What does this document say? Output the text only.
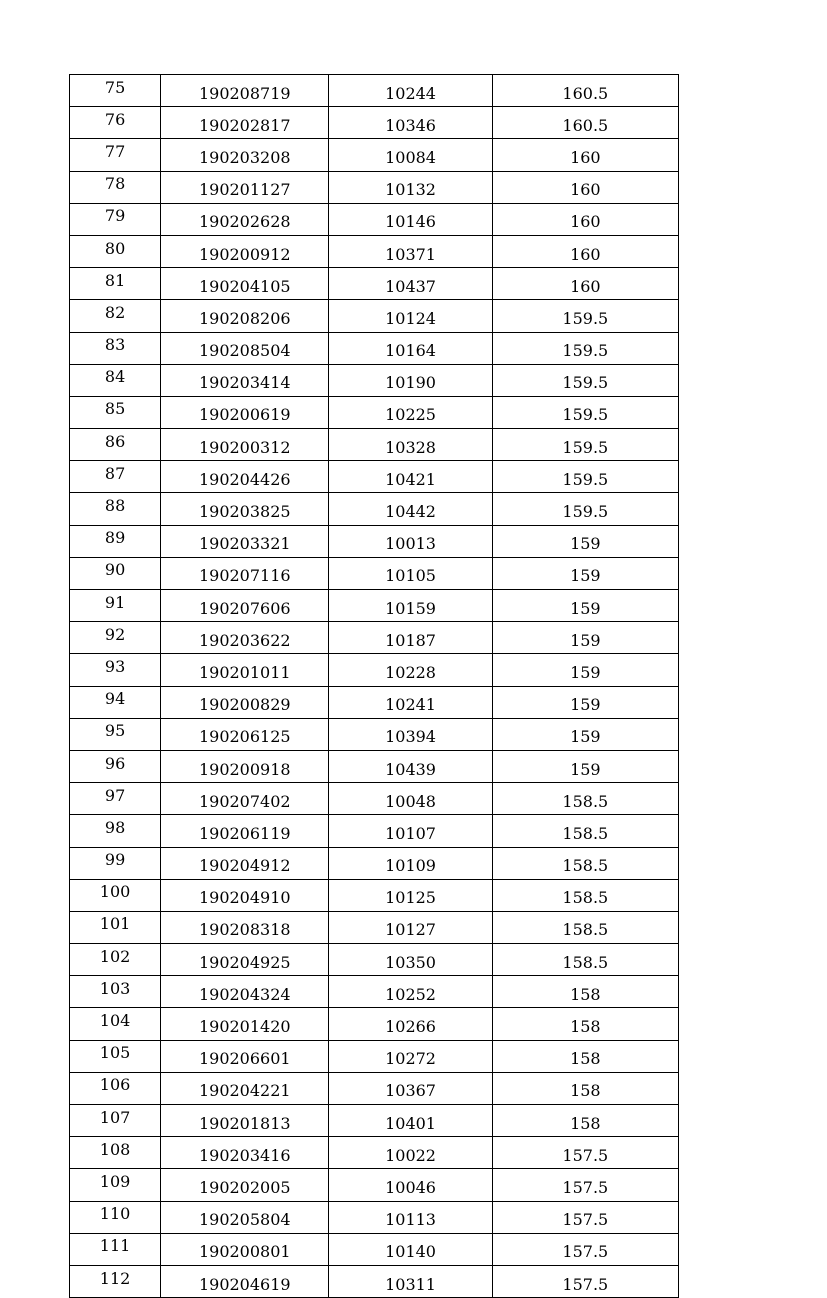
75	190208719	10244	160.5
76	190202817	10346	160.5
77	190203208	10084	160
78	190201127	10132	160
79	190202628	10146	160
80	190200912	10371	160
81	190204105	10437	160
82	190208206	10124	159.5
83	190208504	10164	159.5
84	190203414	10190	159.5
85	190200619	10225	159.5
86	190200312	10328	159.5
87	190204426	10421	159.5
88	190203825	10442	159.5
89	190203321	10013	159
90	190207116	10105	159
91	190207606	10159	159
92	190203622	10187	159
93	190201011	10228	159
94	190200829	10241	159
95	190206125	10394	159
96	190200918	10439	159
97	190207402	10048	158.5
98	190206119	10107	158.5
99	190204912	10109	158.5
100	190204910	10125	158.5
101	190208318	10127	158.5
102	190204925	10350	158.5
103	190204324	10252	158
104	190201420	10266	158
105	190206601	10272	158
106	190204221	10367	158
107	190201813	10401	158
108	190203416	10022	157.5
109	190202005	10046	157.5
110	190205804	10113	157.5
111	190200801	10140	157.5
112	190204619	10311	157.5
